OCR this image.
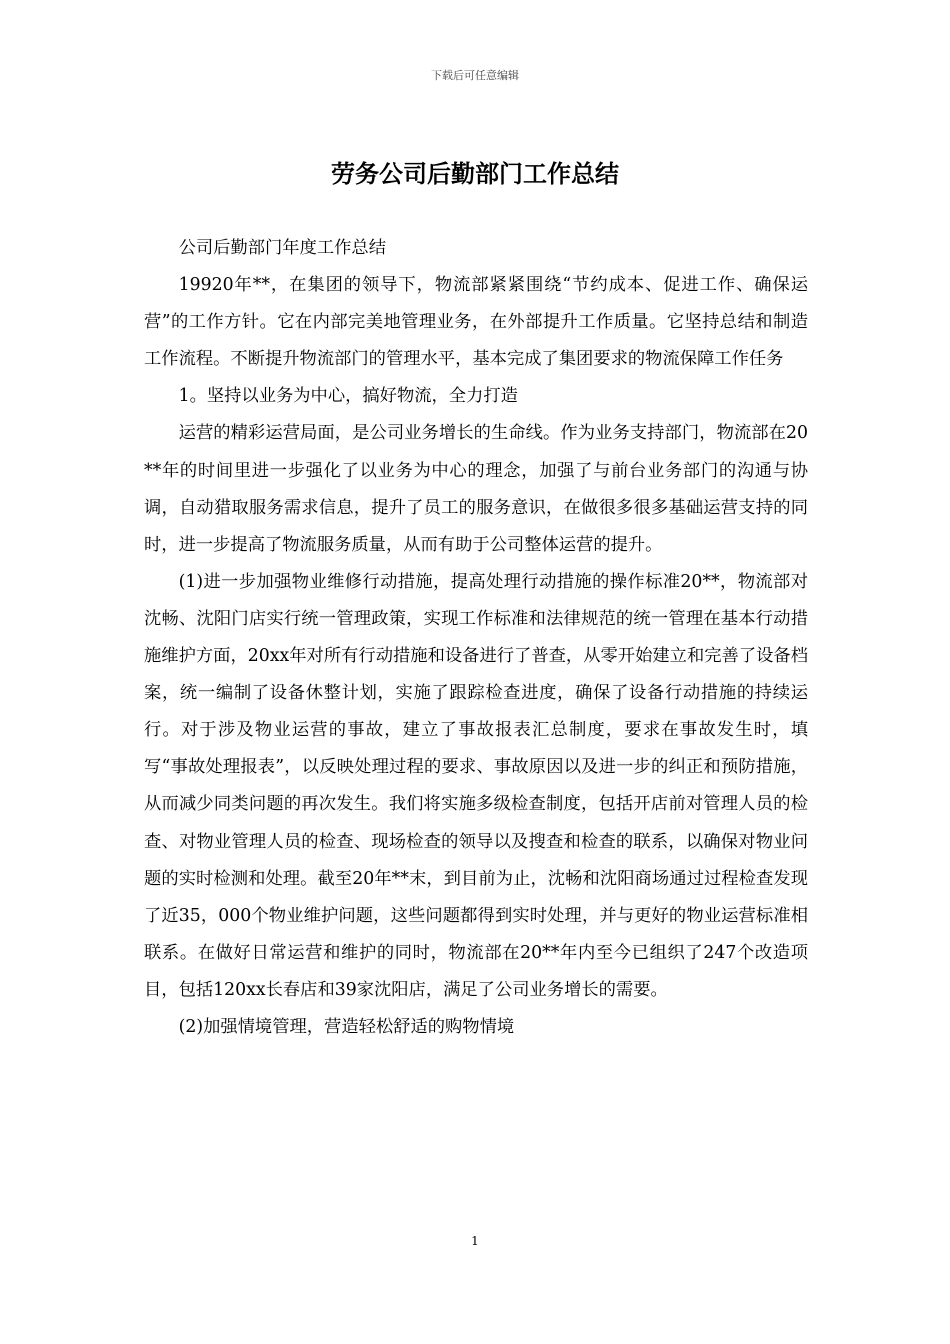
下载后可任意编辑
劳务公司后勤部门工作总结

公司后勤部门年度工作总结

19920年**，在集团的领导下，物流部紧紧围绕“节约成本、促进工作、确保运营”的工作方针。它在内部完美地管理业务，在外部提升工作质量。它坚持总结和制造工作流程。不断提升物流部门的管理水平，基本完成了集团要求的物流保障工作任务

1。坚持以业务为中心，搞好物流，全力打造

运营的精彩运营局面，是公司业务增长的生命线。作为业务支持部门，物流部在20**年的时间里进一步强化了以业务为中心的理念，加强了与前台业务部门的沟通与协调，自动猎取服务需求信息，提升了员工的服务意识，在做很多很多基础运营支持的同时，进一步提高了物流服务质量，从而有助于公司整体运营的提升。

(1)进一步加强物业维修行动措施，提高处理行动措施的操作标准20**，物流部对沈畅、沈阳门店实行统一管理政策，实现工作标准和法律规范的统一管理在基本行动措施维护方面，20xx年对所有行动措施和设备进行了普查，从零开始建立和完善了设备档案，统一编制了设备休整计划，实施了跟踪检查进度，确保了设备行动措施的持续运行。对于涉及物业运营的事故，建立了事故报表汇总制度，要求在事故发生时，填写“事故处理报表”，以反映处理过程的要求、事故原因以及进一步的纠正和预防措施，从而减少同类问题的再次发生。我们将实施多级检查制度，包括开店前对管理人员的检查、对物业管理人员的检查、现场检查的领导以及搜查和检查的联系，以确保对物业问题的实时检测和处理。截至20年**末，到目前为止，沈畅和沈阳商场通过过程检查发现了近35，000个物业维护问题，这些问题都得到实时处理，并与更好的物业运营标准相联系。在做好日常运营和维护的同时，物流部在20**年内至今已组织了247个改造项目，包括120xx长春店和39家沈阳店，满足了公司业务增长的需要。

(2)加强情境管理，营造轻松舒适的购物情境

1
